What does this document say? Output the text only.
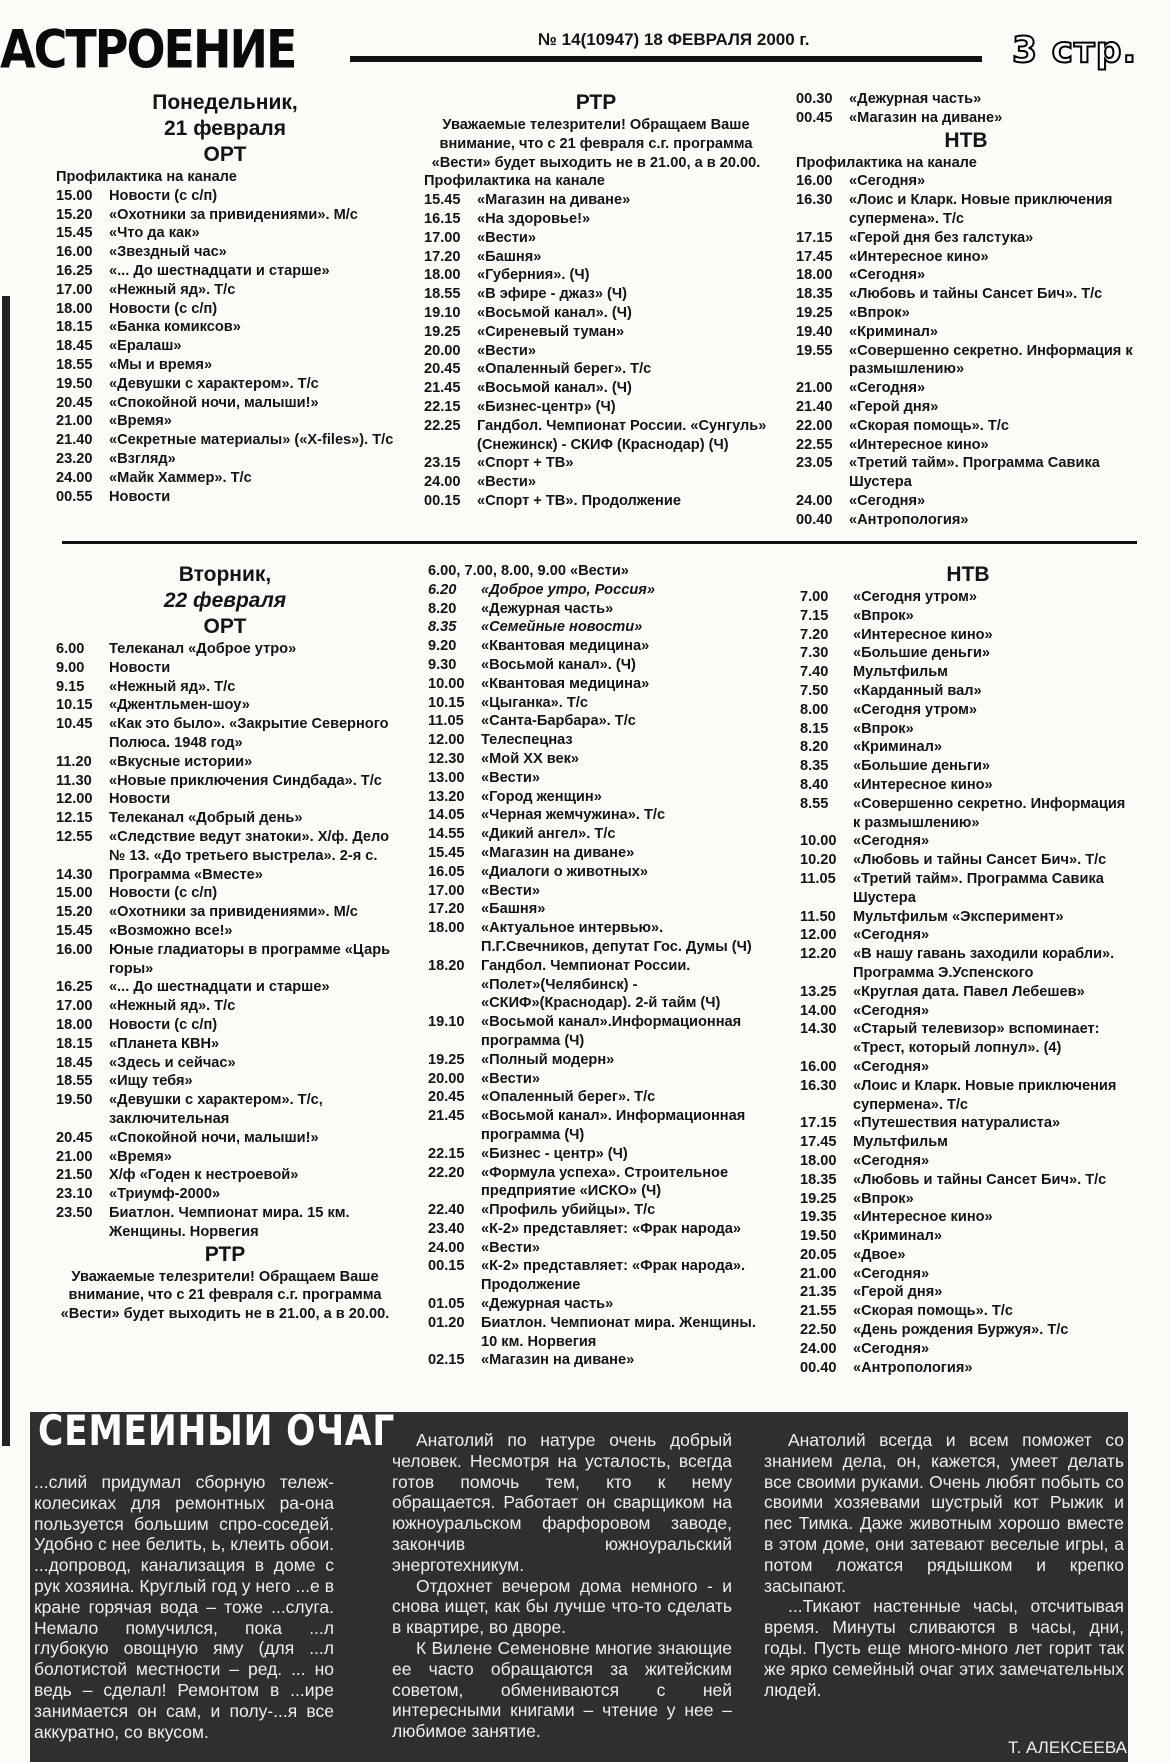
АСТРОЕНИЕ	№ 14(10947) 18 ФЕВРАЛЯ 2000 г.	3 стр.
Понедельник,
21 февраля
ОРТ
Профилактика на канале
15.00	Новости (с с/п)
15.20	«Охотники за привидениями». М/с
15.45	«Что да как»
16.00	«Звездный час»
16.25	«... До шестнадцати и старше»
17.00	«Нежный яд». Т/с
18.00	Новости (с с/п)
18.15	«Банка комиксов»
18.45	«Ералаш»
18.55	«Мы и время»
19.50	«Девушки с характером». Т/с
20.45	«Спокойной ночи, малыши!»
21.00	«Время»
21.40	«Секретные материалы» («X-files»). Т/с
23.20	«Взгляд»
24.00	«Майк Хаммер». Т/с
00.55	Новости
РТР
Уважаемые телезрители! Обращаем Ваше внимание, что с 21 февраля с.г. программа «Вести» будет выходить не в 21.00, а в 20.00.
Профилактика на канале
15.45	«Магазин на диване»
16.15	«На здоровье!»
17.00	«Вести»
17.20	«Башня»
18.00	«Губерния». (Ч)
18.55	«В эфире - джаз» (Ч)
19.10	«Восьмой канал». (Ч)
19.25	«Сиреневый туман»
20.00	«Вести»
20.45	«Опаленный берег». Т/с
21.45	«Восьмой канал». (Ч)
22.15	«Бизнес-центр» (Ч)
22.25	Гандбол. Чемпионат России. «Сунгуль» (Снежинск) - СКИФ (Краснодар) (Ч)
23.15	«Спорт + ТВ»
24.00	«Вести»
00.15	«Спорт + ТВ». Продолжение
00.30	«Дежурная часть»
00.45	«Магазин на диване»
НТВ
Профилактика на канале
16.00	«Сегодня»
16.30	«Лоис и Кларк. Новые приключения супермена». Т/с
17.15	«Герой дня без галстука»
17.45	«Интересное кино»
18.00	«Сегодня»
18.35	«Любовь и тайны Сансет Бич». Т/с
19.25	«Впрок»
19.40	«Криминал»
19.55	«Совершенно секретно. Информация к размышлению»
21.00	«Сегодня»
21.40	«Герой дня»
22.00	«Скорая помощь». Т/с
22.55	«Интересное кино»
23.05	«Третий тайм». Программа Савика Шустера
24.00	«Сегодня»
00.40	«Антропология»
Вторник,
22 февраля
ОРТ
6.00	Телеканал «Доброе утро»
9.00	Новости
9.15	«Нежный яд». Т/с
10.15	«Джентльмен-шоу»
10.45	«Как это было». «Закрытие Северного Полюса. 1948 год»
11.20	«Вкусные истории»
11.30	«Новые приключения Синдбада». Т/с
12.00	Новости
12.15	Телеканал «Добрый день»
12.55	«Следствие ведут знатоки». Х/ф. Дело № 13. «До третьего выстрела». 2-я с.
14.30	Программа «Вместе»
15.00	Новости (с с/п)
15.20	«Охотники за привидениями». М/с
15.45	«Возможно все!»
16.00	Юные гладиаторы в программе «Царь горы»
16.25	«... До шестнадцати и старше»
17.00	«Нежный яд». Т/с
18.00	Новости (с с/п)
18.15	«Планета КВН»
18.45	«Здесь и сейчас»
18.55	«Ищу тебя»
19.50	«Девушки с характером». Т/с, заключительная
20.45	«Спокойной ночи, малыши!»
21.00	«Время»
21.50	Х/ф «Годен к нестроевой»
23.10	«Триумф-2000»
23.50	Биатлон. Чемпионат мира. 15 км. Женщины. Норвегия
РТР
Уважаемые телезрители! Обращаем Ваше внимание, что с 21 февраля с.г. программа «Вести» будет выходить не в 21.00, а в 20.00.
6.00, 7.00, 8.00, 9.00 «Вести»
6.20	«Доброе утро, Россия»
8.20	«Дежурная часть»
8.35	«Семейные новости»
9.20	«Квантовая медицина»
9.30	«Восьмой канал». (Ч)
10.00	«Квантовая медицина»
10.15	«Цыганка». Т/с
11.05	«Санта-Барбара». Т/с
12.00	Телеспецназ
12.30	«Мой XX век»
13.00	«Вести»
13.20	«Город женщин»
14.05	«Черная жемчужина». Т/с
14.55	«Дикий ангел». Т/с
15.45	«Магазин на диване»
16.05	«Диалоги о животных»
17.00	«Вести»
17.20	«Башня»
18.00	«Актуальное интервью». П.Г.Свечников, депутат Гос. Думы (Ч)
18.20	Гандбол. Чемпионат России. «Полет»(Челябинск) - «СКИФ»(Краснодар). 2-й тайм (Ч)
19.10	«Восьмой канал».Информационная программа (Ч)
19.25	«Полный модерн»
20.00	«Вести»
20.45	«Опаленный берег». Т/с
21.45	«Восьмой канал». Информационная программа (Ч)
22.15	«Бизнес - центр» (Ч)
22.20	«Формула успеха». Строительное предприятие «ИСКО» (Ч)
22.40	«Профиль убийцы». Т/с
23.40	«К-2» представляет: «Фрак народа»
24.00	«Вести»
00.15	«К-2» представляет: «Фрак народа». Продолжение
01.05	«Дежурная часть»
01.20	Биатлон. Чемпионат мира. Женщины. 10 км. Норвегия
02.15	«Магазин на диване»
НТВ
7.00	«Сегодня утром»
7.15	«Впрок»
7.20	«Интересное кино»
7.30	«Большие деньги»
7.40	Мультфильм
7.50	«Карданный вал»
8.00	«Сегодня утром»
8.15	«Впрок»
8.20	«Криминал»
8.35	«Большие деньги»
8.40	«Интересное кино»
8.55	«Совершенно секретно. Информация к размышлению»
10.00	«Сегодня»
10.20	«Любовь и тайны Сансет Бич». Т/с
11.05	«Третий тайм». Программа Савика Шустера
11.50	Мультфильм «Эксперимент»
12.00	«Сегодня»
12.20	«В нашу гавань заходили корабли». Программа Э.Успенского
13.25	«Круглая дата. Павел Лебешев»
14.00	«Сегодня»
14.30	«Старый телевизор» вспоминает: «Трест, который лопнул». (4)
16.00	«Сегодня»
16.30	«Лоис и Кларк. Новые приключения супермена». Т/с
17.15	«Путешествия натуралиста»
17.45	Мультфильм
18.00	«Сегодня»
18.35	«Любовь и тайны Сансет Бич». Т/с
19.25	«Впрок»
19.35	«Интересное кино»
19.50	«Криминал»
20.05	«Двое»
21.00	«Сегодня»
21.35	«Герой дня»
21.55	«Скорая помощь». Т/с
22.50	«День рождения Буржуя». Т/с
24.00	«Сегодня»
00.40	«Антропология»
СЕМЕЙНЫЙ ОЧАГ

...слий придумал сборную тележ-колесиках для ремонтных ра-она пользуется большим спро-соседей. Удобно с нее белить, ь, клеить обои. ...допровод, канализация в доме с рук хозяина. Круглый год у него ...е в кране горячая вода – тоже ...слуга. Немало помучился, пока ...л глубокую овощную яму (для ...л болотистой местности – ред. ... но ведь – сделал! Ремонтом в ...ире занимается он сам, и полу-...я все аккуратно, со вкусом.

Анатолий по натуре очень добрый человек. Несмотря на усталость, всегда готов помочь тем, кто к нему обращается. Работает он сварщиком на южноуральском фарфоровом заводе, закончив южноуральский энерготехникум.

Отдохнет вечером дома немного - и снова ищет, как бы лучше что-то сделать в квартире, во дворе.

К Вилене Семеновне многие знающие ее часто обращаются за житейским советом, обмениваются с ней интересными книгами – чтение у нее – любимое занятие.

Анатолий всегда и всем поможет со знанием дела, он, кажется, умеет делать все своими руками. Очень любят побыть со своими хозяевами шустрый кот Рыжик и пес Тимка. Даже животным хорошо вместе в этом доме, они затевают веселые игры, а потом ложатся рядышком и крепко засыпают.

...Тикают настенные часы, отсчитывая время. Минуты сливаются в часы, дни, годы. Пусть еще много-много лет горит так же ярко семейный очаг этих замечательных людей.

Т. АЛЕКСЕЕВА.
